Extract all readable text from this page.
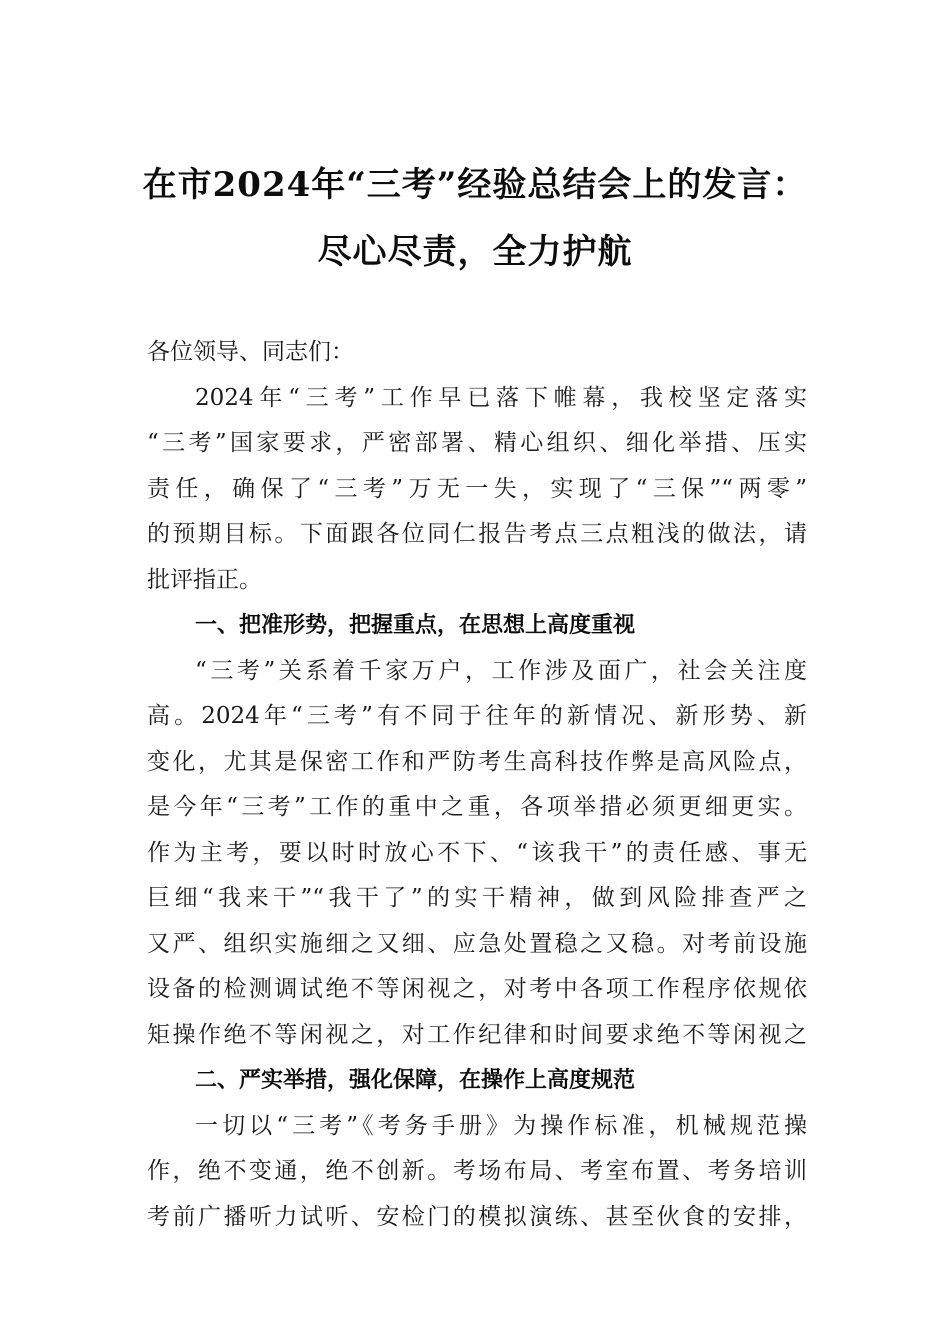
在市2024年“三考”经验总结会上的发言：
尽心尽责，全力护航
各位领导、同志们：
2024年“三考”工作早已落下帷幕，我校坚定落实
“三考”国家要求，严密部署、精心组织、细化举措、压实
责任，确保了“三考”万无一失，实现了“三保”“两零”
的预期目标。下面跟各位同仁报告考点三点粗浅的做法，请
批评指正。
一、把准形势，把握重点，在思想上高度重视
“三考”关系着千家万户，工作涉及面广，社会关注度
高。2024年“三考”有不同于往年的新情况、新形势、新
变化，尤其是保密工作和严防考生高科技作弊是高风险点，
是今年“三考”工作的重中之重，各项举措必须更细更实。
作为主考，要以时时放心不下、“该我干”的责任感、事无
巨细“我来干”“我干了”的实干精神，做到风险排查严之
又严、组织实施细之又细、应急处置稳之又稳。对考前设施
设备的检测调试绝不等闲视之，对考中各项工作程序依规依
矩操作绝不等闲视之，对工作纪律和时间要求绝不等闲视之
二、严实举措，强化保障，在操作上高度规范
一切以“三考”《考务手册》为操作标准，机械规范操
作，绝不变通，绝不创新。考场布局、考室布置、考务培训
考前广播听力试听、安检门的模拟演练、甚至伙食的安排，
